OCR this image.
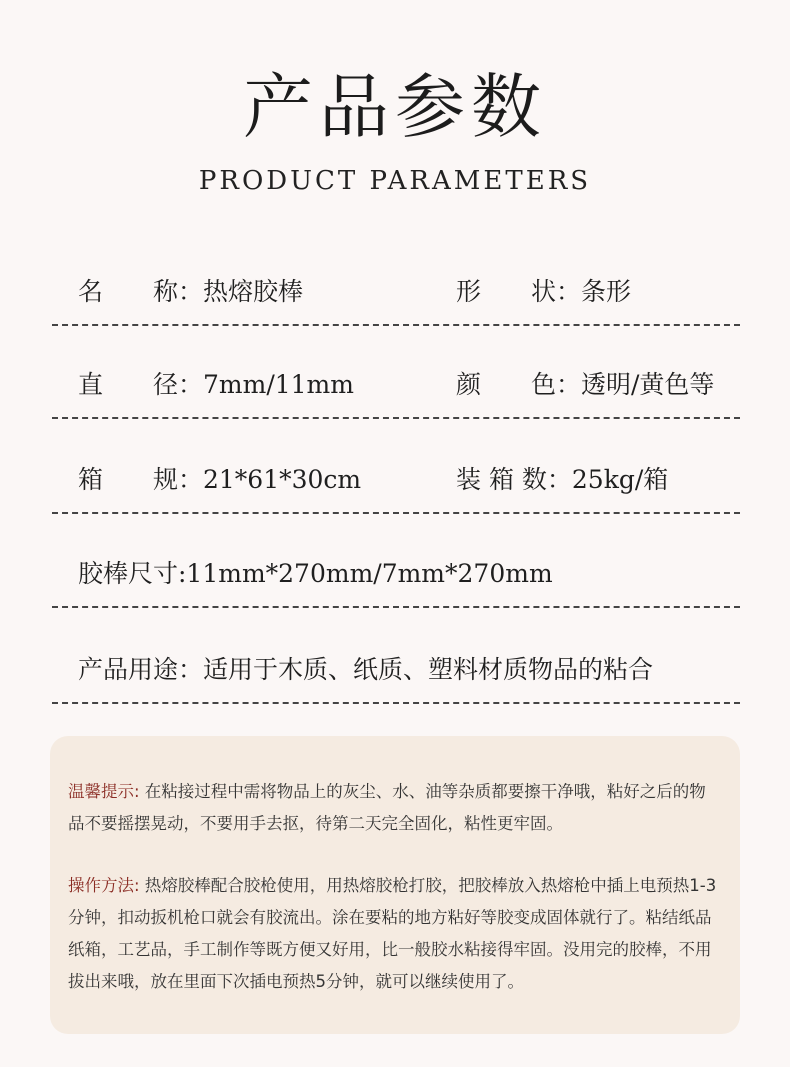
产品参数
PRODUCT PARAMETERS
名　　称：热熔胶棒	形　　状：条形
直　　径：7mm/11mm	颜　　色：透明/黄色等
箱　　规：21*61*30cm	装 箱 数：25kg/箱
胶棒尺寸:11mm*270mm/7mm*270mm
产品用途：适用于木质、纸质、塑料材质物品的粘合

温馨提示: 在粘接过程中需将物品上的灰尘、水、油等杂质都要擦干净哦，粘好之后的物品不要摇摆晃动，不要用手去抠，待第二天完全固化，粘性更牢固。

操作方法: 热熔胶棒配合胶枪使用，用热熔胶枪打胶，把胶棒放入热熔枪中插上电预热1-3分钟，扣动扳机枪口就会有胶流出。涂在要粘的地方粘好等胶变成固体就行了。粘结纸品纸箱，工艺品，手工制作等既方便又好用，比一般胶水粘接得牢固。没用完的胶棒，不用拔出来哦，放在里面下次插电预热5分钟，就可以继续使用了。
